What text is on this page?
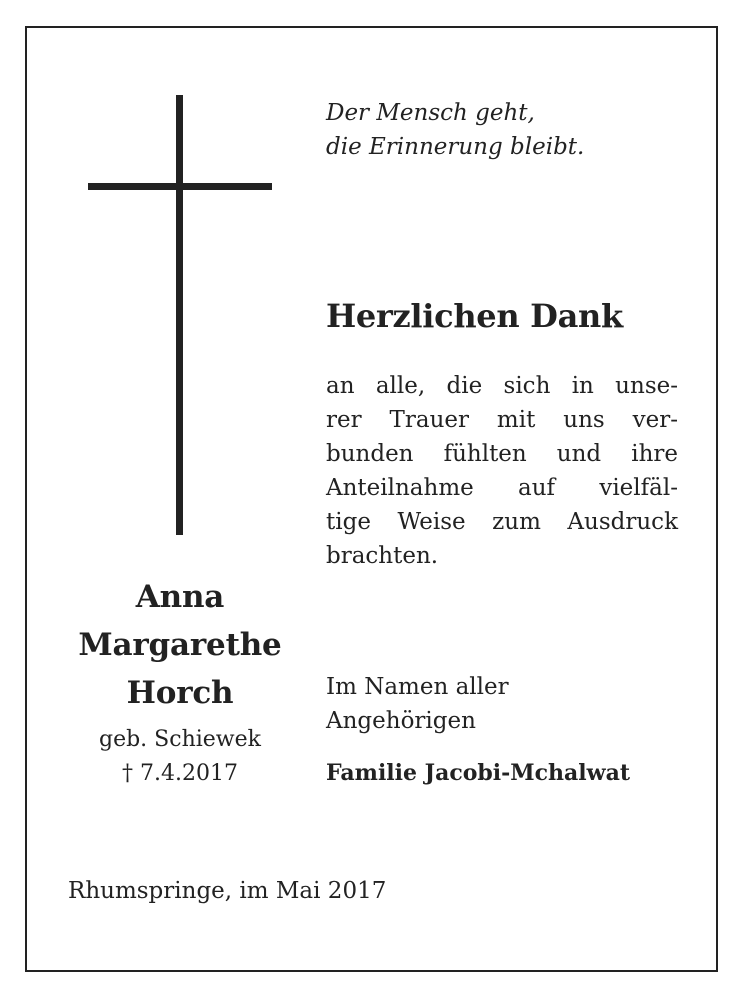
Der Mensch geht,
die Erinnerung bleibt.
Herzlichen Dank
an alle, die sich in unse-
rer Trauer mit uns ver-
bunden fühlten und ihre
Anteilnahme auf vielfäl-
tige Weise zum Ausdruck
brachten.
Anna
Margarethe
Horch
geb. Schiewek
† 7.4.2017
Im Namen aller
Angehörigen
Familie Jacobi-Mchalwat
Rhumspringe, im Mai 2017
